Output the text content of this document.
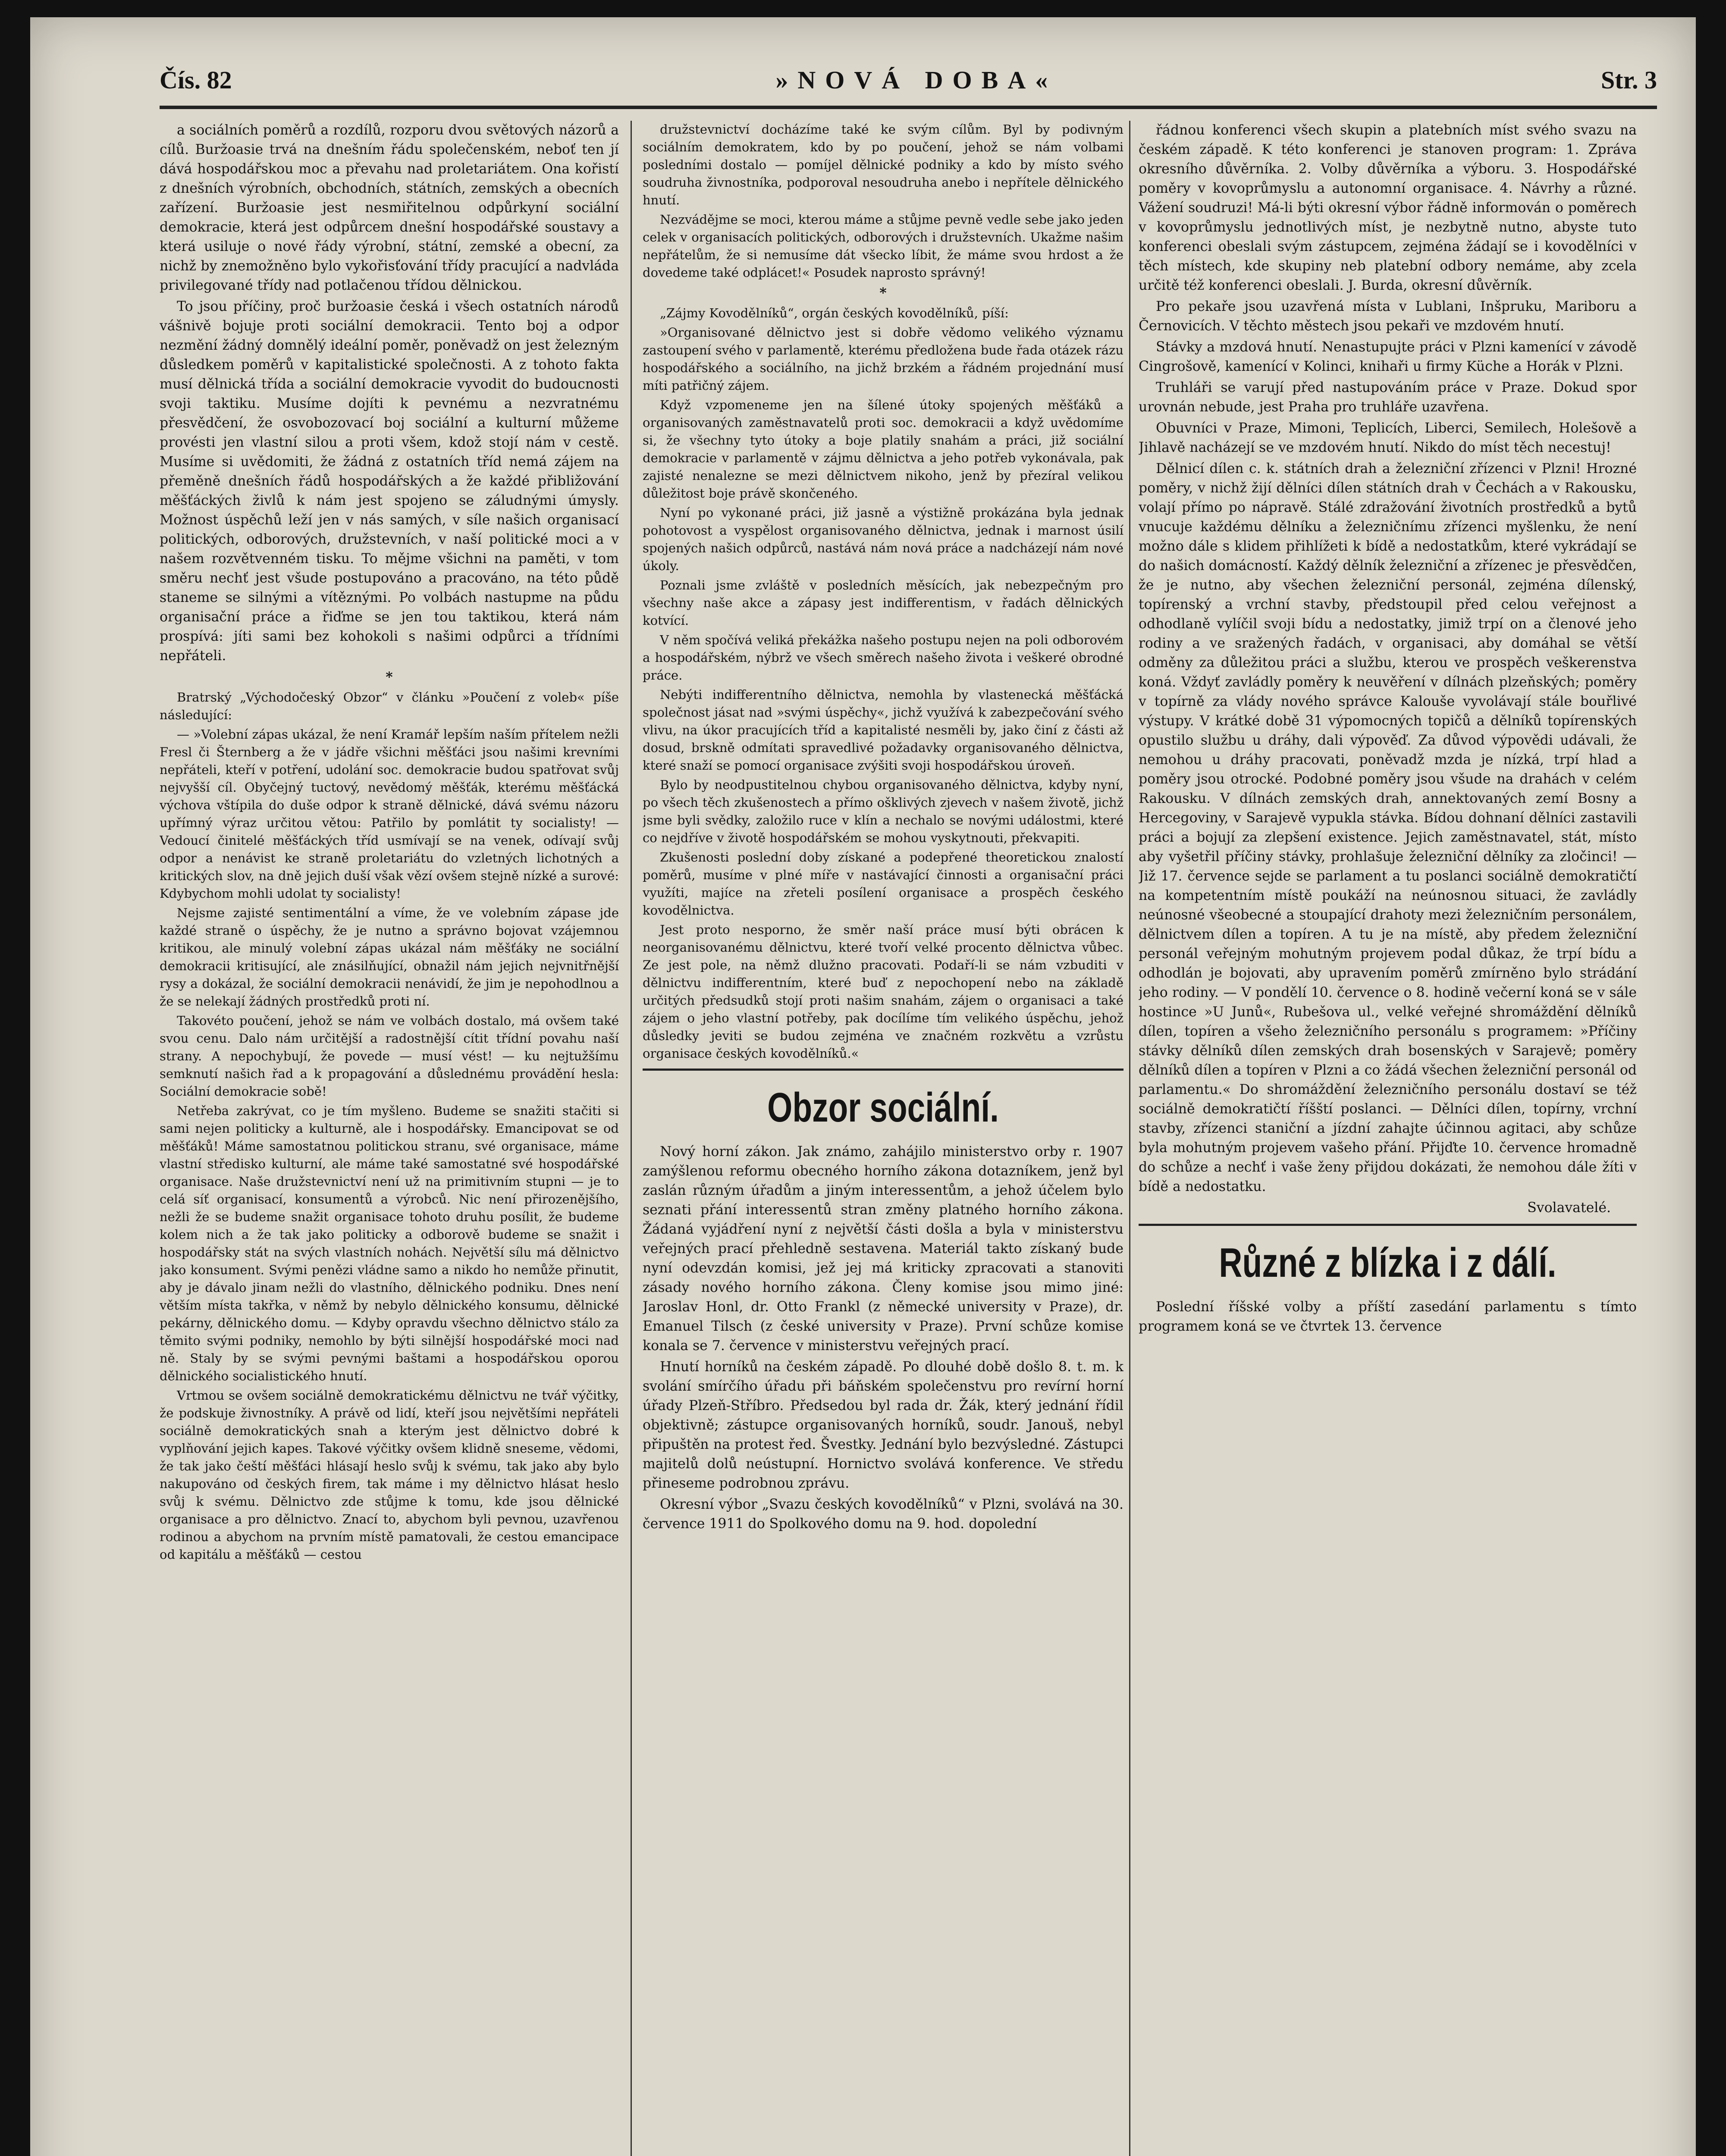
Čís. 82	»NOVÁ DOBA«	Str. 3

a sociálních poměrů a rozdílů, rozporu dvou světových názorů a cílů. Buržoasie trvá na dnešním řádu společenském, neboť ten jí dává hospodářskou moc a převahu nad proletariátem. Ona kořistí z dnešních výrobních, obchodních, státních, zemských a obecních zařízení. Buržoasie jest nesmiřitelnou odpůrkyní sociální demokracie, která jest odpůrcem dnešní hospodářské soustavy a která usiluje o nové řády výrobní, státní, zemské a obecní, za nichž by znemožněno bylo vykořisťování třídy pracující a nadvláda privilegované třídy nad potlačenou třídou dělnickou.

To jsou příčiny, proč buržoasie česká i všech ostatních národů vášnivě bojuje proti sociální demokracii. Tento boj a odpor nezmění žádný domnělý ideální poměr, poněvadž on jest železným důsledkem poměrů v kapitalistické společnosti. A z tohoto fakta musí dělnická třída a sociální demokracie vyvodit do budoucnosti svoji taktiku. Musíme dojíti k pevnému a nezvratnému přesvědčení, že osvobozovací boj sociální a kulturní můžeme provésti jen vlastní silou a proti všem, kdož stojí nám v cestě. Musíme si uvědomiti, že žádná z ostatních tříd nemá zájem na přeměně dnešních řádů hospodářských a že každé přibližování měšťáckých živlů k nám jest spojeno se záludnými úmysly. Možnost úspěchů leží jen v nás samých, v síle našich organisací politických, odborových, družstevních, v naší politické moci a v našem rozvětvenném tisku. To mějme všichni na paměti, v tom směru nechť jest všude postupováno a pracováno, na této půdě staneme se silnými a vítěznými. Po volbách nastupme na půdu organisační práce a řiďme se jen tou taktikou, která nám prospívá: jíti sami bez kohokoli s našimi odpůrci a třídními nepřáteli.

*

Bratrský „Východočeský Obzor“ v článku »Poučení z voleb« píše následující:

— »Volební zápas ukázal, že není Kramář lepším naším přítelem nežli Fresl či Šternberg a že v jádře všichni měšťáci jsou našimi krevními nepřáteli, kteří v potření, udolání soc. demokracie budou spatřovat svůj nejvyšší cíl. Obyčejný tuctový, nevědomý měšťák, kterému měšťácká výchova vštípila do duše odpor k straně dělnické, dává svému názoru upřímný výraz určitou větou: Patřilo by pomlátit ty socialisty! — Vedoucí činitelé měšťáckých tříd usmívají se na venek, odívají svůj odpor a nenávist ke straně proletariátu do vzletných lichotných a kritických slov, na dně jejich duší však vězí ovšem stejně nízké a surové: Kdybychom mohli udolat ty socialisty!

Nejsme zajisté sentimentální a víme, že ve volebním zápase jde každé straně o úspěchy, že je nutno a správno bojovat vzájemnou kritikou, ale minulý volební zápas ukázal nám měšťáky ne sociální demokracii kritisující, ale znásilňující, obnažil nám jejich nejvnitřnější rysy a dokázal, že sociální demokracii nenávidí, že jim je nepohodlnou a že se nelekají žádných prostředků proti ní.

Takovéto poučení, jehož se nám ve volbách dostalo, má ovšem také svou cenu. Dalo nám určitější a radostnější cítit třídní povahu naší strany. A nepochybují, že povede — musí vést! — ku nejtužšímu semknutí našich řad a k propagování a důslednému provádění hesla: Sociální demokracie sobě!

Netřeba zakrývat, co je tím myšleno. Budeme se snažiti stačiti si sami nejen politicky a kulturně, ale i hospodářsky. Emancipovat se od měšťáků! Máme samostatnou politickou stranu, své organisace, máme vlastní středisko kulturní, ale máme také samostatné své hospodářské organisace. Naše družstevnictví není už na primitivním stupni — je to celá síť organisací, konsumentů a výrobců. Nic není přirozenějšího, nežli že se budeme snažit organisace tohoto druhu posílit, že budeme kolem nich a že tak jako politicky a odborově budeme se snažit i hospodářsky stát na svých vlastních nohách. Největší sílu má dělnictvo jako konsument. Svými penězi vládne samo a nikdo ho nemůže přinutit, aby je dávalo jinam nežli do vlastního, dělnického podniku. Dnes není větším místa takřka, v němž by nebylo dělnického konsumu, dělnické pekárny, dělnického domu. — Kdyby opravdu všechno dělnictvo stálo za těmito svými podniky, nemohlo by býti silnější hospodářské moci nad ně. Staly by se svými pevnými baštami a hospodářskou oporou dělnického socialistického hnutí.

Vrtmou se ovšem sociálně demokratickému dělnictvu ne tvář výčitky, že podskuje živnostníky. A právě od lidí, kteří jsou největšími nepřáteli sociálně demokratických snah a kterým jest dělnictvo dobré k vyplňování jejich kapes. Takové výčitky ovšem klidně sneseme, vědomi, že tak jako čeští měšťáci hlásají heslo svůj k svému, tak jako aby bylo nakupováno od českých firem, tak máme i my dělnictvo hlásat heslo svůj k svému. Dělnictvo zde stůjme k tomu, kde jsou dělnické organisace a pro dělnictvo. Znací to, abychom byli pevnou, uzavřenou rodinou a abychom na prvním místě pamatovali, že cestou emancipace od kapitálu a měšťáků — cestou

družstevnictví docházíme také ke svým cílům. Byl by podivným sociálním demokratem, kdo by po poučení, jehož se nám volbami posledními dostalo — pomíjel dělnické podniky a kdo by místo svého soudruha živnostníka, podporoval nesoudruha anebo i nepřítele dělnického hnutí.

Nezvádějme se moci, kterou máme a stůjme pevně vedle sebe jako jeden celek v organisacích politických, odborových i družstevních. Ukažme našim nepřátelům, že si nemusíme dát všecko líbit, že máme svou hrdost a že dovedeme také odplácet!« Posudek naprosto správný!

*

„Zájmy Kovodělníků“, orgán českých kovodělníků, píší:

»Organisované dělnictvo jest si dobře vědomo velikého významu zastoupení svého v parlamentě, kterému předložena bude řada otázek rázu hospodářského a sociálního, na jichž brzkém a řádném projednání musí míti patřičný zájem.

Když vzpomeneme jen na šílené útoky spojených měšťáků a organisovaných zaměstnavatelů proti soc. demokracii a když uvědomíme si, že všechny tyto útoky a boje platily snahám a práci, již sociální demokracie v parlamentě v zájmu dělnictva a jeho potřeb vykonávala, pak zajisté nenalezne se mezi dělnictvem nikoho, jenž by přezíral velikou důležitost boje právě skončeného.

Nyní po vykonané práci, již jasně a výstižně prokázána byla jednak pohotovost a vyspělost organisovaného dělnictva, jednak i marnost úsilí spojených našich odpůrců, nastává nám nová práce a nadcházejí nám nové úkoly.

Poznali jsme zvláště v posledních měsících, jak nebezpečným pro všechny naše akce a zápasy jest indifferentism, v řadách dělnických kotvící.

V něm spočívá veliká překážka našeho postupu nejen na poli odborovém a hospodářském, nýbrž ve všech směrech našeho života i veškeré obrodné práce.

Nebýti indifferentního dělnictva, nemohla by vlastenecká měšťácká společnost jásat nad »svými úspěchy«, jichž využívá k zabezpečování svého vlivu, na úkor pracujících tříd a kapitalisté nesměli by, jako činí z části až dosud, brskně odmítati spravedlivé požadavky organisovaného dělnictva, které snaží se pomocí organisace zvýšiti svoji hospodářskou úroveň.

Bylo by neodpustitelnou chybou organisovaného dělnictva, kdyby nyní, po všech těch zkušenostech a přímo ošklivých zjevech v našem životě, jichž jsme byli svědky, založilo ruce v klín a nechalo se novými událostmi, které co nejdříve v životě hospodářském se mohou vyskytnouti, překvapiti.

Zkušenosti poslední doby získané a podepřené theoretickou znalostí poměrů, musíme v plné míře v nastávající činnosti a organisační práci využíti, majíce na zřeteli posílení organisace a prospěch českého kovodělnictva.

Jest proto nesporno, že směr naší práce musí býti obrácen k neorganisovanému dělnictvu, které tvoří velké procento dělnictva vůbec. Ze jest pole, na němž dlužno pracovati. Podaří-li se nám vzbuditi v dělnictvu indifferentním, které buď z nepochopení nebo na základě určitých předsudků stojí proti našim snahám, zájem o organisaci a také zájem o jeho vlastní potřeby, pak docílíme tím velikého úspěchu, jehož důsledky jeviti se budou zejména ve značném rozkvětu a vzrůstu organisace českých kovodělníků.«

Obzor sociální.

Nový horní zákon. Jak známo, zahájilo ministerstvo orby r. 1907 zamýšlenou reformu obecného horního zákona dotazníkem, jenž byl zaslán různým úřadům a jiným interessentům, a jehož účelem bylo seznati přání interessentů stran změny platného horního zákona. Žádaná vyjádření nyní z největší části došla a byla v ministerstvu veřejných prací přehledně sestavena. Materiál takto získaný bude nyní odevzdán komisi, jež jej má kriticky zpracovati a stanoviti zásady nového horního zákona. Členy komise jsou mimo jiné: Jaroslav Honl, dr. Otto Frankl (z německé university v Praze), dr. Emanuel Tilsch (z české university v Praze). První schůze komise konala se 7. července v ministerstvu veřejných prací.

Hnutí horníků na českém západě. Po dlouhé době došlo 8. t. m. k svolání smírčího úřadu při báňském společenstvu pro revírní horní úřady Plzeň-Stříbro. Předsedou byl rada dr. Žák, který jednání řídil objektivně; zástupce organisovaných horníků, soudr. Janouš, nebyl připuštěn na protest řed. Švestky. Jednání bylo bezvýsledné. Zástupci majitelů dolů neústupní. Hornictvo svolává konference. Ve středu přineseme podrobnou zprávu.

Okresní výbor „Svazu českých kovodělníků“ v Plzni, svolává na 30. července 1911 do Spolkového domu na 9. hod. dopolední

řádnou konferenci všech skupin a platebních míst svého svazu na českém západě. K této konferenci je stanoven program: 1. Zpráva okresního důvěrníka. 2. Volby důvěrníka a výboru. 3. Hospodářské poměry v kovoprůmyslu a autonomní organisace. 4. Návrhy a různé. Vážení soudruzi! Má-li býti okresní výbor řádně informován o poměrech v kovoprůmyslu jednotlivých míst, je nezbytně nutno, abyste tuto konferenci obeslali svým zástupcem, zejména žádají se i kovodělníci v těch místech, kde skupiny neb platební odbory nemáme, aby zcela určitě též konferenci obeslali. J. Burda, okresní důvěrník.

Pro pekaře jsou uzavřená místa v Lublani, Inšpruku, Mariboru a Černovicích. V těchto městech jsou pekaři ve mzdovém hnutí.

Stávky a mzdová hnutí. Nenastupujte práci v Plzni kamenící v závodě Cingrošově, kamenící v Kolinci, knihaři u firmy Küche a Horák v Plzni.

Truhláři se varují před nastupováním práce v Praze. Dokud spor urovnán nebude, jest Praha pro truhláře uzavřena.

Obuvníci v Praze, Mimoni, Teplicích, Liberci, Semilech, Holešově a Jihlavě nacházejí se ve mzdovém hnutí. Nikdo do míst těch necestuj!

Dělnicí dílen c. k. státních drah a železniční zřízenci v Plzni! Hrozné poměry, v nichž žijí dělníci dílen státních drah v Čechách a v Rakousku, volají přímo po nápravě. Stálé zdražování životních prostředků a bytů vnucuje každému dělníku a železničnímu zřízenci myšlenku, že není možno dále s klidem přihlížeti k bídě a nedostatkům, které vykrádají se do našich domácností. Každý dělník železniční a zřízenec je přesvědčen, že je nutno, aby všechen železniční personál, zejména dílenský, topírenský a vrchní stavby, předstoupil před celou veřejnost a odhodlaně vylíčil svoji bídu a nedostatky, jimiž trpí on a členové jeho rodiny a ve sražených řadách, v organisaci, aby domáhal se větší odměny za důležitou práci a službu, kterou ve prospěch veškerenstva koná. Vždyť zavládly poměry k neuvěření v dílnách plzeňských; poměry v topírně za vlády nového správce Kaloušе vyvolávají stále bouřlivé výstupy. V krátké době 31 výpomocných topičů a dělníků topírenských opustilo službu u dráhy, dali výpověď. Za důvod výpovědi udávali, že nemohou u dráhy pracovati, poněvadž mzda je nízká, trpí hlad a poměry jsou otrocké. Podobné poměry jsou všude na drahách v celém Rakousku. V dílnách zemských drah, annektovaných zemí Bosny a Hercegoviny, v Sarajevě vypukla stávka. Bídou dohnaní dělníci zastavili práci a bojují za zlepšení existence. Jejich zaměstnavatel, stát, místo aby vyšetřil příčiny stávky, prohlašuje železniční dělníky za zločinci! — Již 17. července sejde se parlament a tu poslanci sociálně demokratičtí na kompetentním místě poukáží na neúnosnou situaci, že zavládly neúnosné všeobecné a stoupající drahoty mezi železničním personálem, dělnictvem dílen a topíren. A tu je na místě, aby předem železniční personál veřejným mohutným projevem podal důkaz, že trpí bídu a odhodlán je bojovati, aby upravením poměrů zmírněno bylo strádání jeho rodiny. — V pondělí 10. července o 8. hodině večerní koná se v sále hostince »U Junů«, Rubešova ul., velké veřejné shromáždění dělníků dílen, topíren a všeho železničního personálu s programem: »Příčiny stávky dělníků dílen zemských drah bosenských v Sarajevě; poměry dělníků dílen a topíren v Plzni a co žádá všechen železniční personál od parlamentu.« Do shromáždění železničního personálu dostaví se též sociálně demokratičtí říšští poslanci. — Dělníci dílen, topírny, vrchní stavby, zřízenci staniční a jízdní zahajte účinnou agitaci, aby schůze byla mohutným projevem vašeho přání. Přijďte 10. července hromadně do schůze a nechť i vaše ženy přijdou dokázati, že nemohou dále žíti v bídě a nedostatku.

Svolavatelé.
Různé z blízka i z dálí.

Poslední říšské volby a příští zasedání parlamentu s tímto programem koná se ve čtvrtek 13. července
